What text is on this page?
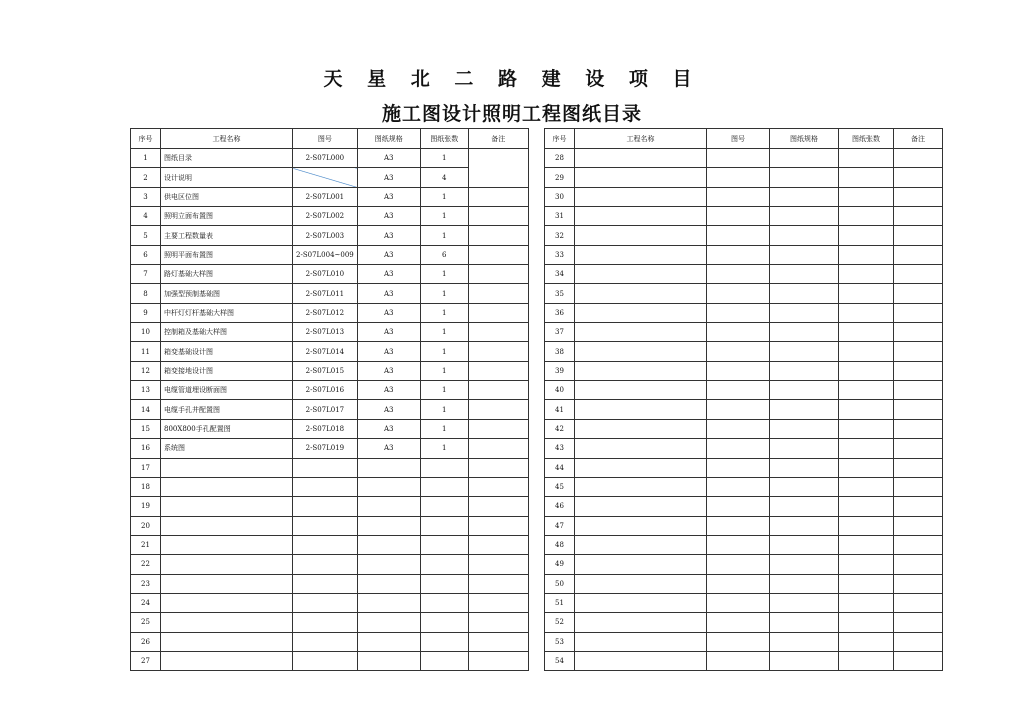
天 星 北 二 路 建 设 项 目
施工图设计照明工程图纸目录
序号	工程名称	图号	图纸规格	图纸张数	备注
1	图纸目录	2-S07L000	A3	1	
2	设计说明		A3	4	
3	供电区位图	2-S07L001	A3	1	
4	照明立面布置图	2-S07L002	A3	1	
5	主要工程数量表	2-S07L003	A3	1	
6	照明平面布置图	2-S07L004~009	A3	6	
7	路灯基础大样图	2-S07L010	A3	1	
8	加强型预制基础图	2-S07L011	A3	1	
9	中杆灯灯杆基础大样图	2-S07L012	A3	1	
10	控制箱及基础大样图	2-S07L013	A3	1	
11	箱变基础设计图	2-S07L014	A3	1	
12	箱变接地设计图	2-S07L015	A3	1	
13	电缆管道埋设断面图	2-S07L016	A3	1	
14	电缆手孔井配置图	2-S07L017	A3	1	
15	800X800手孔配置图	2-S07L018	A3	1	
16	系统图	2-S07L019	A3	1	
17					
18					
19					
20					
21					
22					
23					
24					
25					
26					
27					
序号	工程名称	图号	图纸规格	图纸张数	备注
28					
29					
30					
31					
32					
33					
34					
35					
36					
37					
38					
39					
40					
41					
42					
43					
44					
45					
46					
47					
48					
49					
50					
51					
52					
53					
54					
